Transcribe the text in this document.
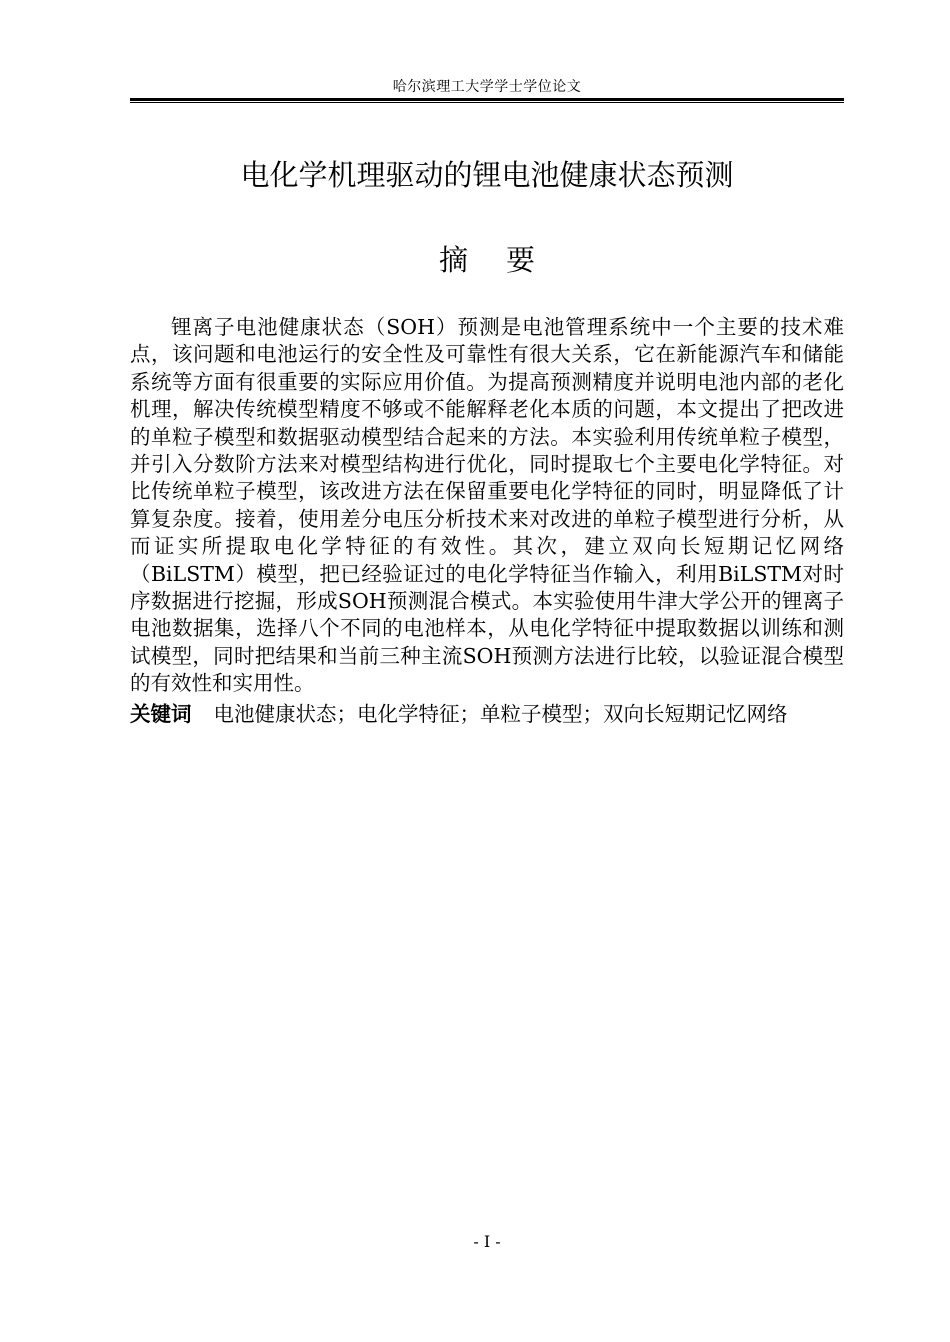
哈尔滨理工大学学士学位论文
电化学机理驱动的锂电池健康状态预测
摘要

锂离子电池健康状态（SOH）预测是电池管理系统中一个主要的技术难点，该问题和电池运行的安全性及可靠性有很大关系，它在新能源汽车和储能系统等方面有很重要的实际应用价值。为提高预测精度并说明电池内部的老化机理，解决传统模型精度不够或不能解释老化本质的问题，本文提出了把改进的单粒子模型和数据驱动模型结合起来的方法。本实验利用传统单粒子模型，并引入分数阶方法来对模型结构进行优化，同时提取七个主要电化学特征。对比传统单粒子模型，该改进方法在保留重要电化学特征的同时，明显降低了计算复杂度。接着，使用差分电压分析技术来对改进的单粒子模型进行分析，从而证实所提取电化学特征的有效性。其次，建立双向长短期记忆网络（BiLSTM）模型，把已经验证过的电化学特征当作输入，利用BiLSTM对时序数据进行挖掘，形成SOH预测混合模式。本实验使用牛津大学公开的锂离子电池数据集，选择八个不同的电池样本，从电化学特征中提取数据以训练和测试模型，同时把结果和当前三种主流SOH预测方法进行比较，以验证混合模型的有效性和实用性。

关键词 电池健康状态；电化学特征；单粒子模型；双向长短期记忆网络
- I -
